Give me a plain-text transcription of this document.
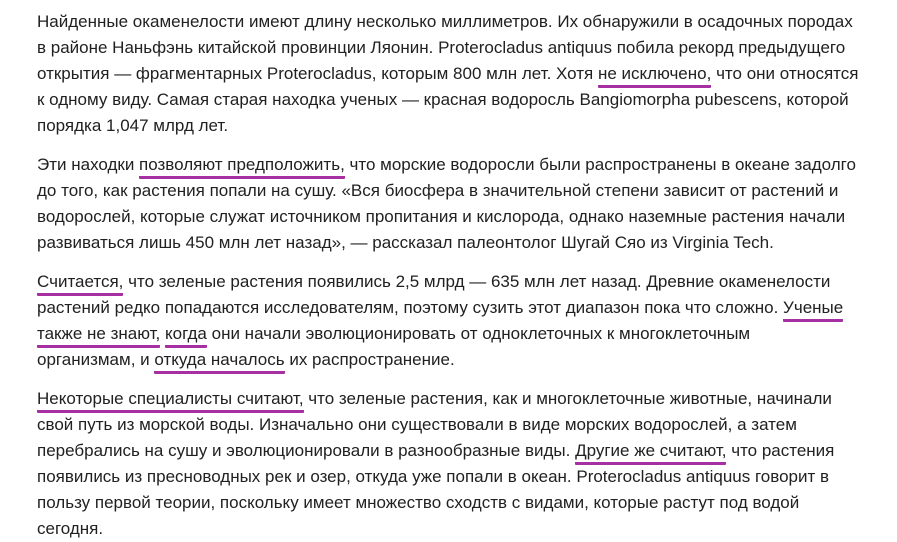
Найденные окаменелости имеют длину несколько миллиметров. Их обнаружили в осадочных породах
в районе Наньфэнь китайской провинции Ляонин. Proterocladus antiquus побила рекорд предыдущего
открытия — фрагментарных Proterocladus, которым 800 млн лет. Хотя не исключено, что они относятся
к одному виду. Самая старая находка ученых — красная водоросль Bangiomorpha pubescens, которой
порядка 1,047 млрд лет.

Эти находки позволяют предположить, что морские водоросли были распространены в океане задолго
до того, как растения попали на сушу. «Вся биосфера в значительной степени зависит от растений и
водорослей, которые служат источником пропитания и кислорода, однако наземные растения начали
развиваться лишь 450 млн лет назад», — рассказал палеонтолог Шугай Сяо из Virginia Tech.

Считается, что зеленые растения появились 2,5 млрд — 635 млн лет назад. Древние окаменелости
растений редко попадаются исследователям, поэтому сузить этот диапазон пока что сложно. Ученые
также не знают, когда они начали эволюционировать от одноклеточных к многоклеточным
организмам, и откуда началось их распространение.

Некоторые специалисты считают, что зеленые растения, как и многоклеточные животные, начинали
свой путь из морской воды. Изначально они существовали в виде морских водорослей, а затем
перебрались на сушу и эволюционировали в разнообразные виды. Другие же считают, что растения
появились из пресноводных рек и озер, откуда уже попали в океан. Proterocladus antiquus говорит в
пользу первой теории, поскольку имеет множество сходств с видами, которые растут под водой
сегодня.
